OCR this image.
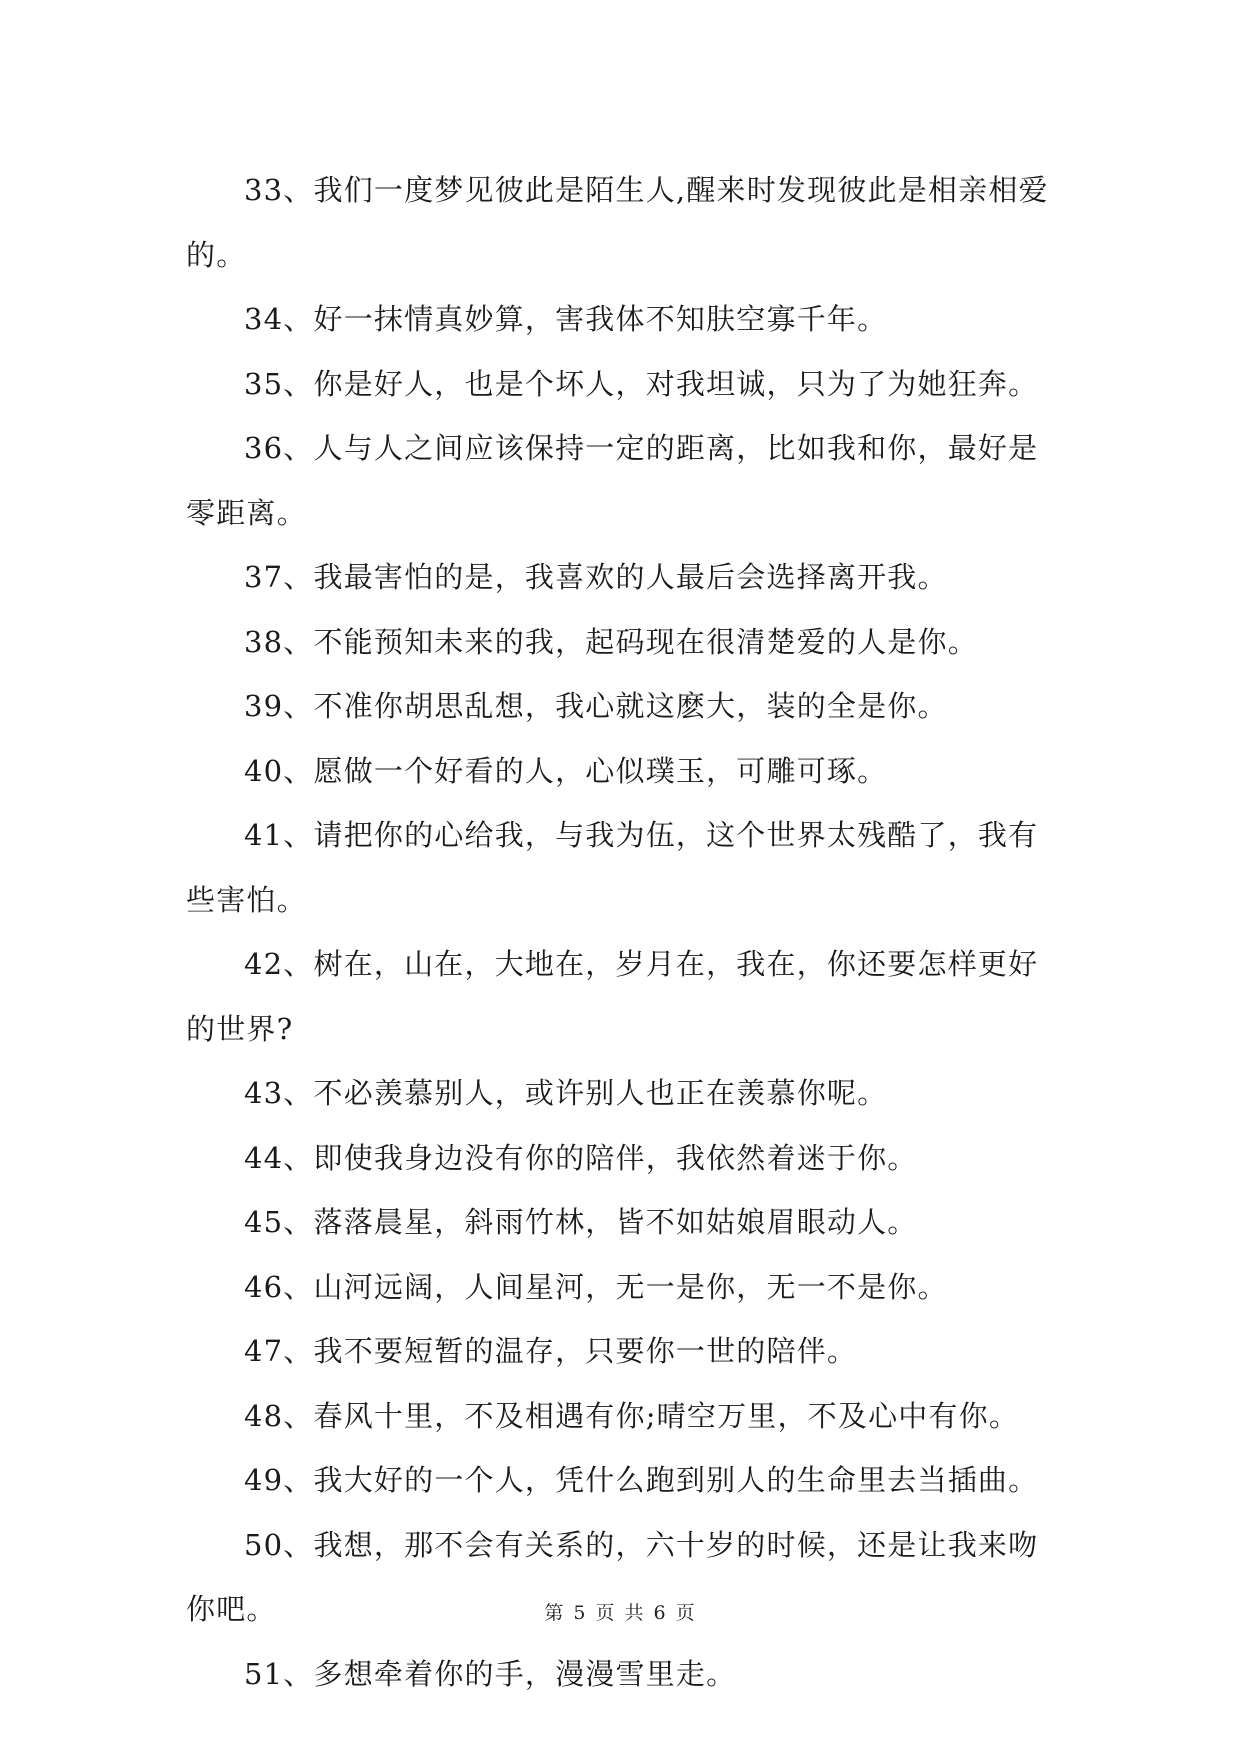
33、我们一度梦见彼此是陌生人,醒来时发现彼此是相亲相爱的。

34、好一抹情真妙算，害我体不知肤空寡千年。

35、你是好人，也是个坏人，对我坦诚，只为了为她狂奔。

36、人与人之间应该保持一定的距离，比如我和你，最好是零距离。

37、我最害怕的是，我喜欢的人最后会选择离开我。

38、不能预知未来的我，起码现在很清楚爱的人是你。

39、不准你胡思乱想，我心就这麽大，装的全是你。

40、愿做一个好看的人，心似璞玉，可雕可琢。

41、请把你的心给我，与我为伍，这个世界太残酷了，我有些害怕。

42、树在，山在，大地在，岁月在，我在，你还要怎样更好的世界?

43、不必羡慕别人，或许别人也正在羡慕你呢。

44、即使我身边没有你的陪伴，我依然着迷于你。

45、落落晨星，斜雨竹林，皆不如姑娘眉眼动人。

46、山河远阔，人间星河，无一是你，无一不是你。

47、我不要短暂的温存，只要你一世的陪伴。

48、春风十里，不及相遇有你;晴空万里，不及心中有你。

49、我大好的一个人，凭什么跑到别人的生命里去当插曲。

50、我想，那不会有关系的，六十岁的时候，还是让我来吻你吧。

51、多想牵着你的手，漫漫雪里走。

第 5 页 共 6 页
